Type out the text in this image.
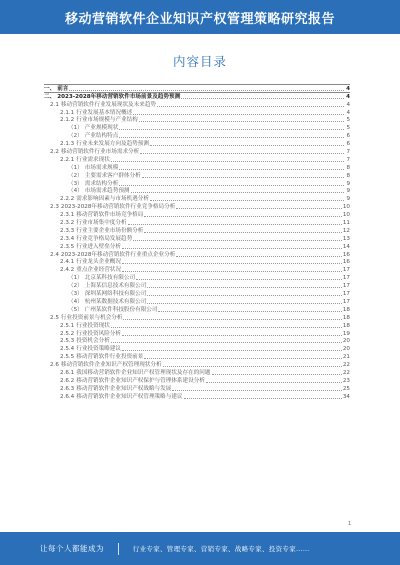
移动营销软件企业知识产权管理策略研究报告
内容目录
一、 前言	4
二、 2023-2028年移动营销软件市场前景及趋势预测	4
2.1 移动营销软件行业发展现状及未来趋势	4
2.1.1 行业发展基本情况概述	4
2.1.2 行业市场规模与产业结构	5
（1） 产业规模现状	5
（2） 产业结构特点	6
2.1.3 行业未来发展方向及趋势预测	6
2.2 移动营销软件行业市场需求分析	7
2.2.1 行业需求现状	7
（1） 市场需求规模	8
（2） 主要需求客户群体分析	8
（3） 需求结构分析	9
（4） 市场需求趋势预测	9
2.2.2 需求影响因素与市场机遇分析	9
2.3 2023-2028年移动营销软件行业竞争格局分析	10
2.3.1 移动营销软件市场竞争格局	10
2.3.2 行业市场集中度分析	11
2.3.3 行业主要企业市场份额分析	12
2.3.4 行业竞争格局发展趋势	13
2.3.5 行业进入壁垒分析	14
2.4 2023-2028年移动营销软件行业重点企业分析	16
2.4.1 行业龙头企业概况	16
2.4.2 重点企业经营状况	17
（1） 北京某科技有限公司	17
（2） 上海某信息技术有限公司	17
（3） 深圳某网络科技有限公司	17
（4） 杭州某数据技术有限公司	17
（5） 广州某软件科技股份有限公司	18
2.5 行业投资前景与机会分析	18
2.5.1 行业投资现状	18
2.5.2 行业投资风险分析	19
2.5.3 投资机会分析	20
2.5.4 行业投资策略建议	20
2.5.5 移动营销软件行业投资前景	21
2.6 移动营销软件企业知识产权管理现状分析	22
2.6.1 我国移动营销软件企业知识产权管理现状及存在的问题	22
2.6.2 移动营销软件企业知识产权保护与管理体系建设分析	23
2.6.3 移动营销软件企业知识产权战略与发展	25
2.6.4 移动营销软件企业知识产权管理策略与建议	34
1
让每个人都能成为	行业专家、管理专家、营销专家、战略专家、投资专家……
